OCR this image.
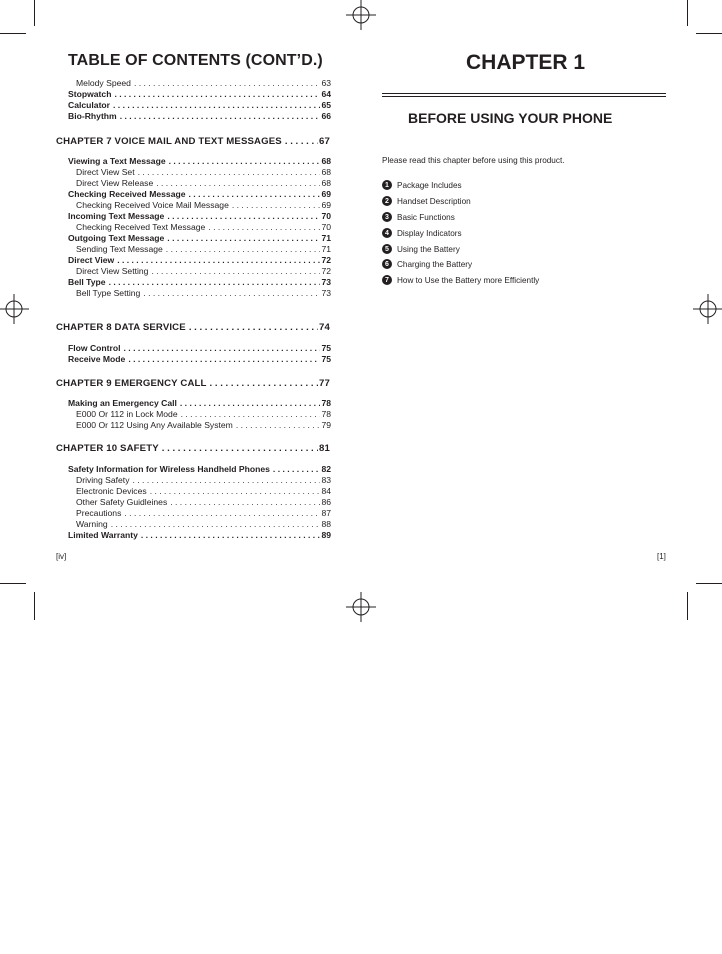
TABLE OF CONTENTS (CONT’D.)
Melody Speed . . .	63
Stopwatch . . .	64
Calculator . . .	65
Bio-Rhythm . . .	66
CHAPTER 7 VOICE MAIL AND TEXT MESSAGES . . .	67
Viewing a Text Message . . .	68
Direct View Set . . .	68
Direct View Release . . .	68
Checking Received Message . . .	69
Checking Received Voice Mail Message . . .	69
Incoming Text Message . . .	70
Checking Received Text Message . . .	70
Outgoing Text Message . . .	71
Sending Text Message . . .	71
Direct View . . .	72
Direct View Setting . . .	72
Bell Type . . .	73
Bell Type Setting . . .	73
CHAPTER 8 DATA SERVICE . . .	74
Flow Control . . .	75
Receive Mode . . .	75
CHAPTER 9 EMERGENCY CALL . . .	77
Making an Emergency Call . . .	78
E000 Or 112 in Lock Mode . . .	78
E000 Or 112 Using Any Available System . . .	79
CHAPTER 10 SAFETY . . .	81
Safety Information for Wireless Handheld Phones . . .	82
Driving Safety . . .	83
Electronic Devices . . .	84
Other Safety Guidleines . . .	86
Precautions . . .	87
Warning . . .	88
Limited Warranty . . .	89
[iv]
CHAPTER 1
BEFORE USING YOUR PHONE
Please read this chapter before using this product.
1 Package Includes
2 Handset Description
3 Basic Functions
4 Display Indicators
5 Using the Battery
6 Charging the Battery
7 How to Use the Battery more Efficiently
[1]
